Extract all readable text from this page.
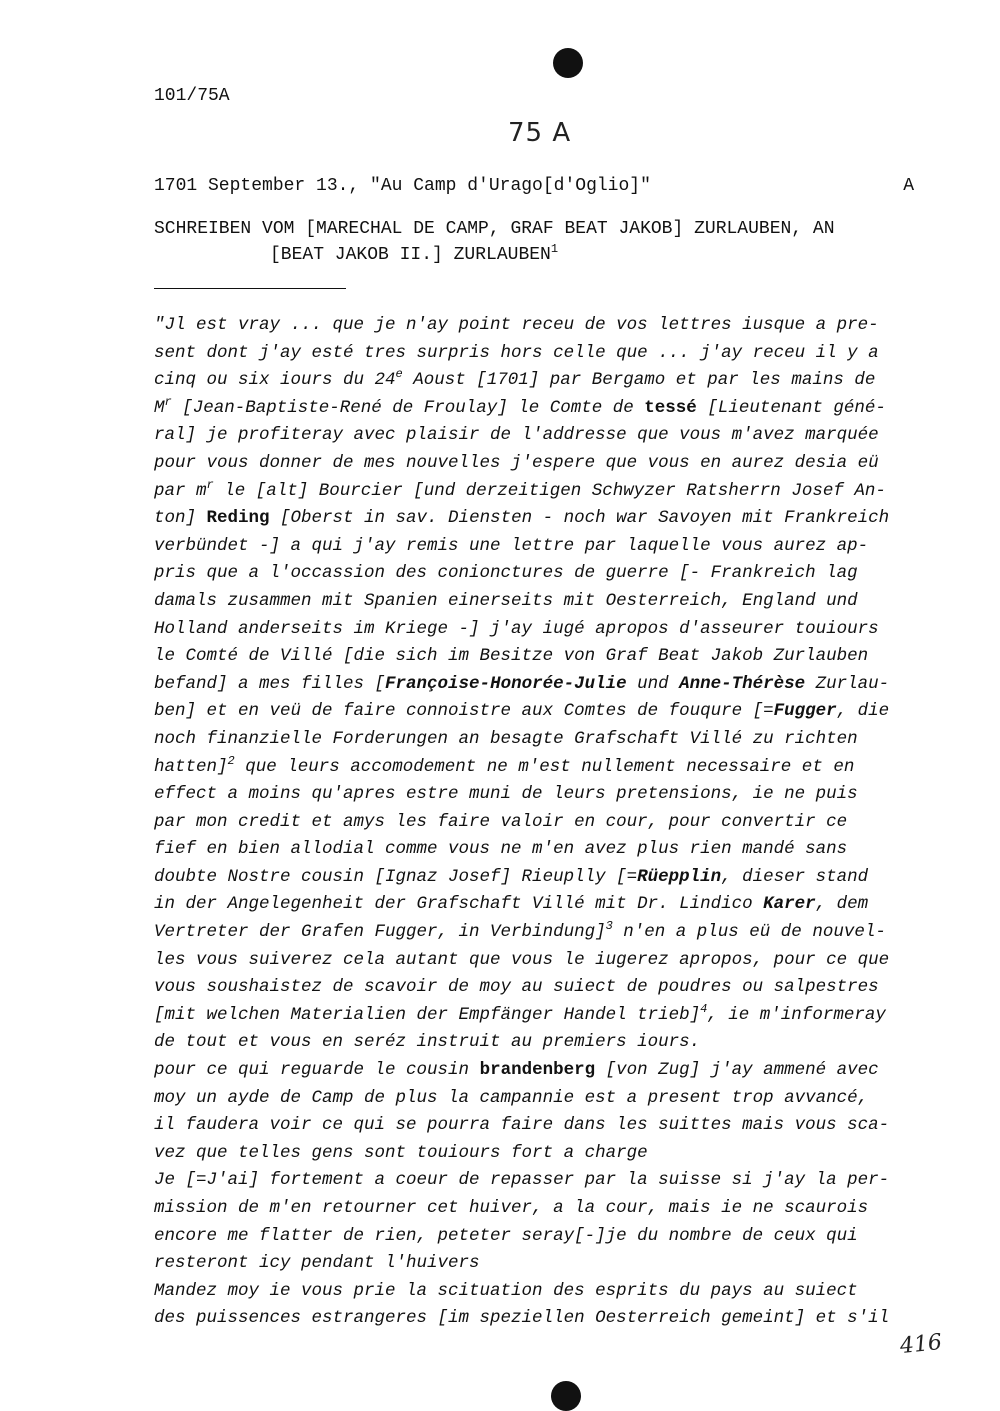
101/75A
75 A
1701 September 13., "Au Camp d'Urago[d'Oglio]"	A
SCHREIBEN VOM [MARECHAL DE CAMP, GRAF BEAT JAKOB] ZURLAUBEN, AN
[BEAT JAKOB II.] ZURLAUBEN$^1$
"Jl est vray ... que je n'ay point receu de vos lettres iusque a pre-
sent dont j'ay esté tres surpris hors celle que ... j'ay receu il y a
cinq ou six iours du 24e Aoust [1701] par Bergamo et par les mains de
$M^r$ [Jean-Baptiste-René de Froulay] le Comte de tessé [Lieutenant géné-
ral] je profiteray avec plaisir de l'addresse que vous m'avez marquée
pour vous donner de mes nouvelles j'espere que vous en aurez desia eü
par $m^r$ le [alt] Bourcier [und derzeitigen Schwyzer Ratsherrn Josef An-
ton] Reding [Oberst in sav. Diensten - noch war Savoyen mit Frankreich
verbündet -] a qui j'ay remis une lettre par laquelle vous aurez ap-
pris que a l'occassion des conionctures de guerre [- Frankreich lag
damals zusammen mit Spanien einerseits mit Oesterreich, England und
Holland anderseits im Kriege -] j'ay iugé apropos d'asseurer touiours
le Comté de Villé [die sich im Besitze von Graf Beat Jakob Zurlauben
befand] a mes filles [Françoise-Honorée-Julie und Anne-Thérèse Zurlau-
ben] et en veü de faire connoistre aux Comtes de fouqure [=Fugger, die
noch finanzielle Forderungen an besagte Grafschaft Villé zu richten
hatten]$^2$ que leurs accomodement ne m'est nullement necessaire et en
effect a moins qu'apres estre muni de leurs pretensions, ie ne puis
par mon credit et amys les faire valoir en cour, pour convertir ce
fief en bien allodial comme vous ne m'en avez plus rien mandé sans
doubte Nostre cousin [Ignaz Josef] Rieuplly [=Rüepplin, dieser stand
in der Angelegenheit der Grafschaft Villé mit Dr. Lindico Karer, dem
Vertreter der Grafen Fugger, in Verbindung]$^3$ n'en a plus eü de nouvel-
les vous suiverez cela autant que vous le iugerez apropos, pour ce que
vous soushaistez de scavoir de moy au suiect de poudres ou salpestres
[mit welchen Materialien der Empfänger Handel trieb]$^4$, ie m'informeray
de tout et vous en seréz instruit au premiers iours.
pour ce qui reguarde le cousin brandenberg [von Zug] j'ay ammené avec
moy un ayde de Camp de plus la campannie est a present trop avvancé,
il faudera voir ce qui se pourra faire dans les suittes mais vous sca-
vez que telles gens sont touiours fort a charge
Je [=J'ai] fortement a coeur de repasser par la suisse si j'ay la per-
mission de m'en retourner cet huiver, a la cour, mais ie ne scaurois
encore me flatter de rien, peteter seray[-]je du nombre de ceux qui
resteront icy pendant l'huivers
Mandez moy ie vous prie la scituation des esprits du pays au suiect
des puissences estrangeres [im speziellen Oesterreich gemeint] et s'il
416
